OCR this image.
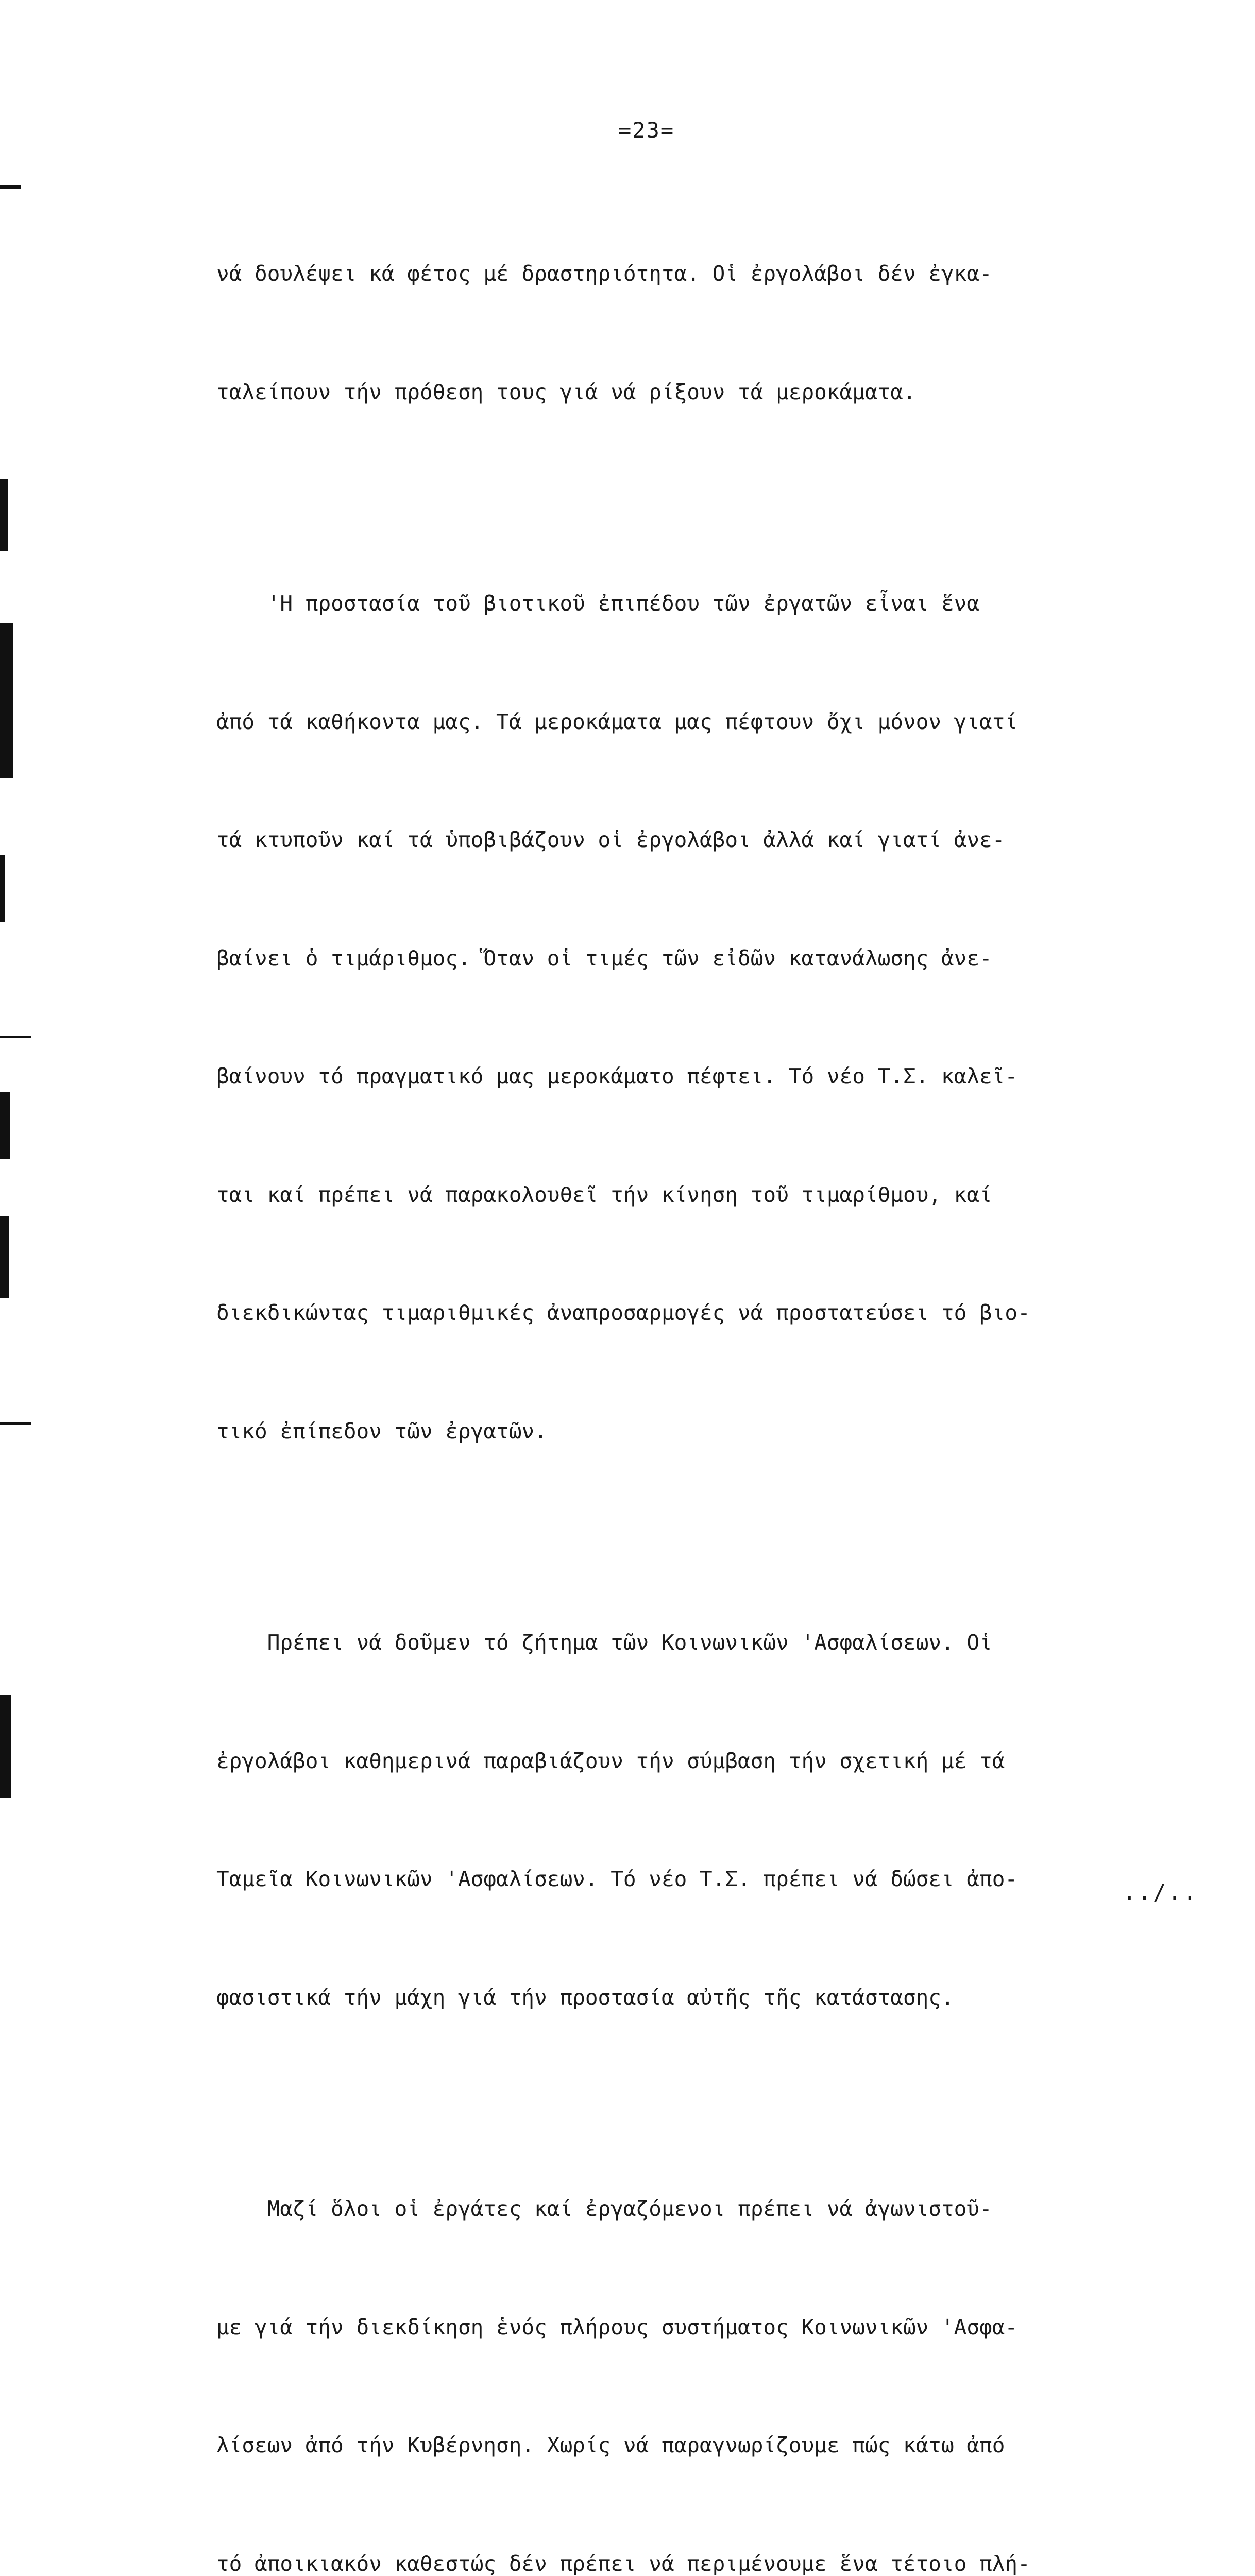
=23=

νά δουλέψει κά φέτος μέ δραστηριότητα. Οἱ ἐργολάβοι δέν ἐγκα-

ταλείπουν τήν πρόθεση τους γιά νά ρίξουν τά μεροκάματα.

'Η προστασία τοῦ βιοτικοῦ ἐπιπέδου τῶν ἐργατῶν εἶναι ἕνα

ἀπό τά καθήκοντα μας. Τά μεροκάματα μας πέφτουν ὄχι μόνον γιατί

τά κτυποῦν καί τά ὑποβιβάζουν οἱ ἐργολάβοι ἀλλά καί γιατί ἀνε-

βαίνει ὁ τιμάριθμος. Ὅταν οἱ τιμές τῶν εἰδῶν κατανάλωσης ἀνε-

βαίνουν τό πραγματικό μας μεροκάματο πέφτει. Τό νέο Τ.Σ. καλεῖ-

ται καί πρέπει νά παρακολουθεῖ τήν κίνηση τοῦ τιμαρίθμου, καί

διεκδικώντας τιμαριθμικές ἀναπροσαρμογές νά προστατεύσει τό βιο-

τικό ἐπίπεδον τῶν ἐργατῶν.

Πρέπει νά δοῦμεν τό ζήτημα τῶν Κοινωνικῶν 'Ασφαλίσεων. Οἱ

ἐργολάβοι καθημερινά παραβιάζουν τήν σύμβαση τήν σχετική μέ τά

Ταμεῖα Κοινωνικῶν 'Ασφαλίσεων. Τό νέο Τ.Σ. πρέπει νά δώσει ἀπο-

φασιστικά τήν μάχη γιά τήν προστασία αὐτῆς τῆς κατάστασης.

Μαζί ὅλοι οἱ ἐργάτες καί ἐργαζόμενοι πρέπει νά ἀγωνιστοῦ-

με γιά τήν διεκδίκηση ἑνός πλήρους συστήματος Κοινωνικῶν 'Ασφα-

λίσεων ἀπό τήν Κυβέρνηση. Χωρίς νά παραγνωρίζουμε πώς κάτω ἀπό

τό ἀποικιακόν καθεστώς δέν πρέπει νά περιμένουμε ἕνα τέτοιο πλή-

../..
